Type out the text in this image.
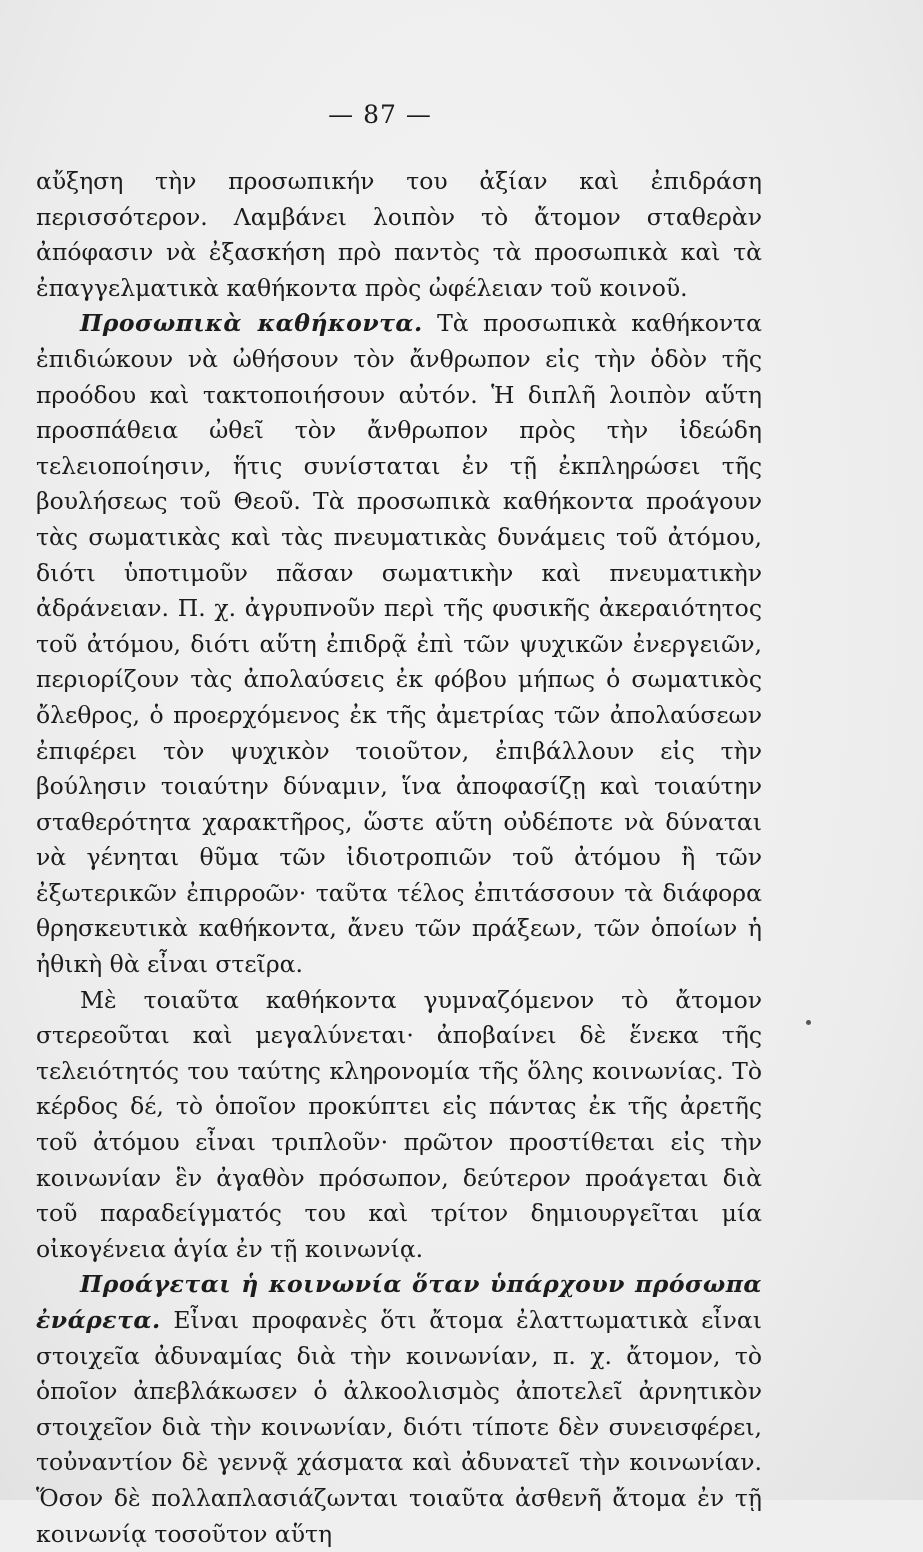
— 87 —

αὔξηση τὴν προσωπικήν του ἀξίαν καὶ ἐπιδράση περισσότερον. Λαμβάνει λοιπὸν τὸ ἄτομον σταθερὰν ἀπόφασιν νὰ ἐξασκήση πρὸ παντὸς τὰ προσωπικὰ καὶ τὰ ἐπαγγελματικὰ καθήκοντα πρὸς ὠφέλειαν τοῦ κοινοῦ.

Προσωπικὰ καθήκοντα. Τὰ προσωπικὰ καθήκοντα ἐπιδιώκουν νὰ ὠθήσουν τὸν ἄνθρωπον εἰς τὴν ὁδὸν τῆς προόδου καὶ τακτοποιήσουν αὐτόν. Ἡ διπλῆ λοιπὸν αὕτη προσπάθεια ὠθεῖ τὸν ἄνθρωπον πρὸς τὴν ἰδεώδη τελειοποίησιν, ἥτις συνίσταται ἐν τῇ ἐκπληρώσει τῆς βουλήσεως τοῦ Θεοῦ. Τὰ προσωπικὰ καθήκοντα προάγουν τὰς σωματικὰς καὶ τὰς πνευματικὰς δυνάμεις τοῦ ἀτόμου, διότι ὑποτιμοῦν πᾶσαν σωματικὴν καὶ πνευματικὴν ἀδράνειαν. Π. χ. ἀγρυπνοῦν περὶ τῆς φυσικῆς ἀκεραιότητος τοῦ ἀτόμου, διότι αὕτη ἐπιδρᾷ ἐπὶ τῶν ψυχικῶν ἐνεργειῶν, περιορίζουν τὰς ἀπολαύσεις ἐκ φόβου μήπως ὁ σωματικὸς ὄλεθρος, ὁ προερχόμενος ἐκ τῆς ἀμετρίας τῶν ἀπολαύσεων ἐπιφέρει τὸν ψυχικὸν τοιοῦτον, ἐπιβάλλουν εἰς τὴν βούλησιν τοιαύτην δύναμιν, ἵνα ἀποφασίζῃ καὶ τοιαύτην σταθερότητα χαρακτῆρος, ὥστε αὕτη οὐδέποτε νὰ δύναται νὰ γένηται θῦμα τῶν ἰδιοτροπιῶν τοῦ ἀτόμου ἢ τῶν ἐξωτερικῶν ἐπιρροῶν· ταῦτα τέλος ἐπιτάσσουν τὰ διάφορα θρησκευτικὰ καθήκοντα, ἄνευ τῶν πράξεων, τῶν ὁποίων ἡ ἠθικὴ θὰ εἶναι στεῖρα.

Μὲ τοιαῦτα καθήκοντα γυμναζόμενον τὸ ἄτομον στερεοῦται καὶ μεγαλύνεται· ἀποβαίνει δὲ ἕνεκα τῆς τελειότητός του ταύτης κληρονομία τῆς ὅλης κοινωνίας. Τὸ κέρδος δέ, τὸ ὁποῖον προκύπτει εἰς πάντας ἐκ τῆς ἀρετῆς τοῦ ἀτόμου εἶναι τριπλοῦν· πρῶτον προστίθεται εἰς τὴν κοινωνίαν ἓν ἀγαθὸν πρόσωπον, δεύτερον προάγεται διὰ τοῦ παραδείγματός του καὶ τρίτον δημιουργεῖται μία οἰκογένεια ἁγία ἐν τῇ κοινωνίᾳ.

Προάγεται ἡ κοινωνία ὅταν ὑπάρχουν πρόσωπα ἐνάρετα. Εἶναι προφανὲς ὅτι ἄτομα ἐλαττωματικὰ εἶναι στοιχεῖα ἀδυναμίας διὰ τὴν κοινωνίαν, π. χ. ἄτομον, τὸ ὁποῖον ἀπεβλάκωσεν ὁ ἀλκοολισμὸς ἀποτελεῖ ἀρνητικὸν στοιχεῖον διὰ τὴν κοινωνίαν, διότι τίποτε δὲν συνεισφέρει, τοὐναντίον δὲ γεννᾷ χάσματα καὶ ἀδυνατεῖ τὴν κοινωνίαν. Ὅσον δὲ πολλαπλασιάζωνται τοιαῦτα ἀσθενῆ ἄτομα ἐν τῇ κοινωνίᾳ τοσοῦτον αὕτη
